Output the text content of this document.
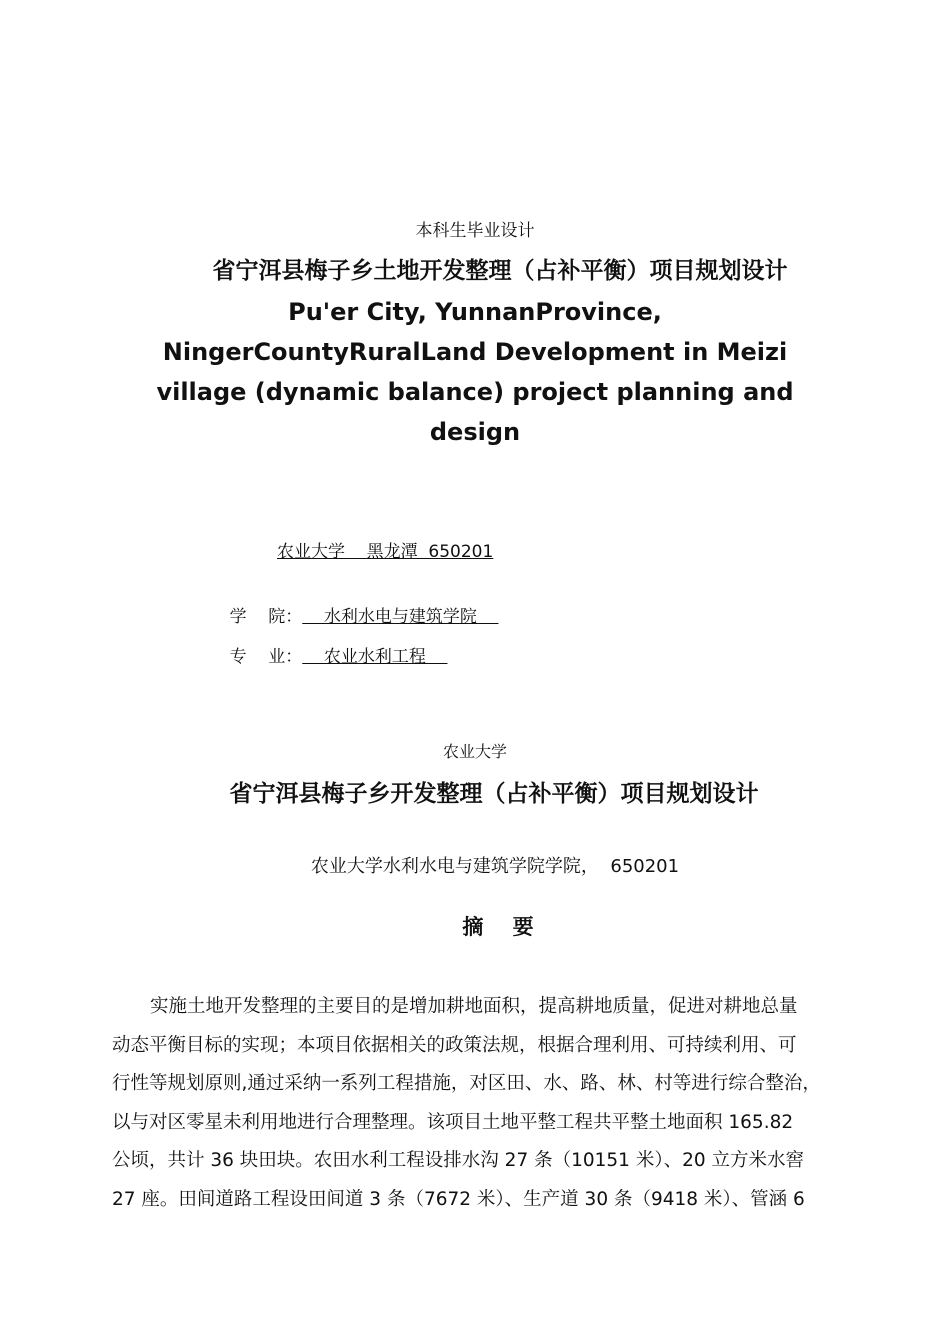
本科生毕业设计
省宁洱县梅子乡土地开发整理（占补平衡）项目规划设计
Pu'er City, YunnanProvince,
NingerCountyRuralLand Development in Meizi
village (dynamic balance) project planning and
design
农业大学    黑龙潭  650201

学    院：    水利水电与建筑学院

专    业：    农业水利工程

农业大学
省宁洱县梅子乡开发整理（占补平衡）项目规划设计
农业大学水利水电与建筑学院学院，  650201
摘    要
实施土地开发整理的主要目的是增加耕地面积，提高耕地质量，促进对耕地总量
动态平衡目标的实现；本项目依据相关的政策法规，根据合理利用、可持续利用、可
行性等规划原则,通过采纳一系列工程措施，对区田、水、路、林、村等进行综合整治，
以与对区零星未利用地进行合理整理。该项目土地平整工程共平整土地面积 165.82
公顷，共计 36 块田块。农田水利工程设排水沟 27 条（10151 米）、20 立方米水窖
27 座。田间道路工程设田间道 3 条（7672 米）、生产道 30 条（9418 米）、管涵 6
